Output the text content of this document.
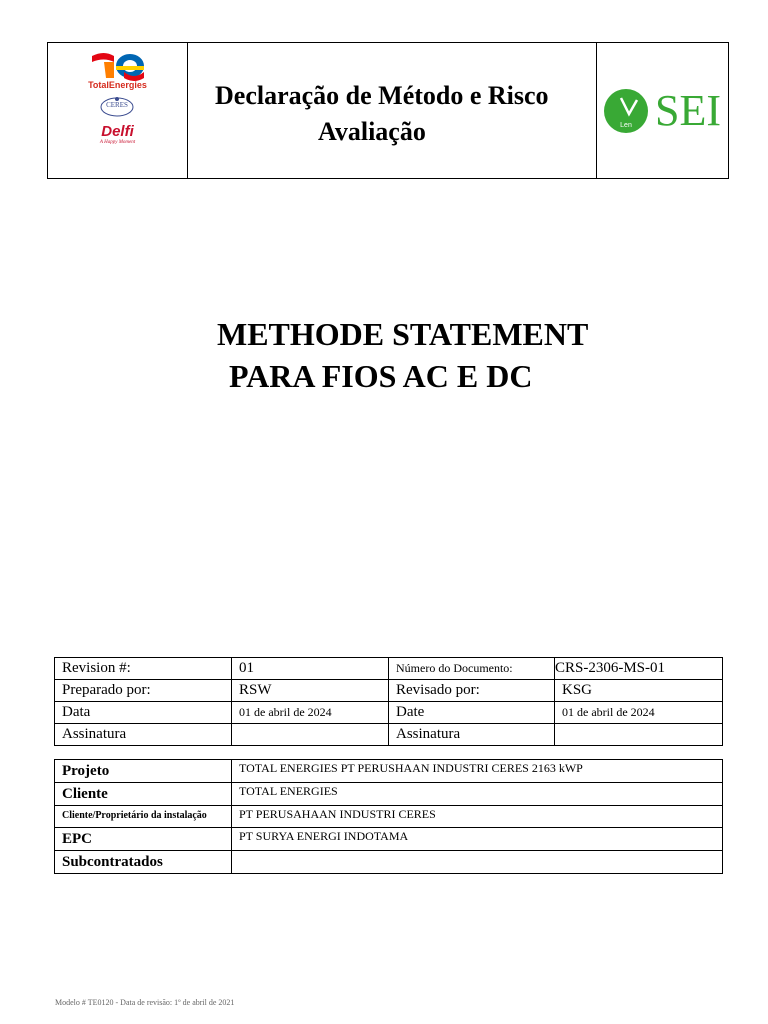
TotalEnergies
CERES
Delfi
A Happy Moment
Declaração de Método e Risco
Avaliação	Len SEI
METHODE STATEMENT
PARA FIOS AC E DC
Revision #:	01	Número do Documento:	CRS-2306-MS-01
Preparado por:	RSW	Revisado por:	KSG
Data	01 de abril de 2024	Date	01 de abril de 2024
Assinatura		Assinatura	
Projeto	TOTAL ENERGIES PT PERUSHAAN INDUSTRI CERES 2163 kWP
Cliente	TOTAL ENERGIES
Cliente/Proprietário da instalação	PT PERUSAHAAN INDUSTRI CERES
EPC	PT SURYA ENERGI INDOTAMA
Subcontratados	
Modelo # TE0120 - Data de revisão: 1º de abril de 2021
